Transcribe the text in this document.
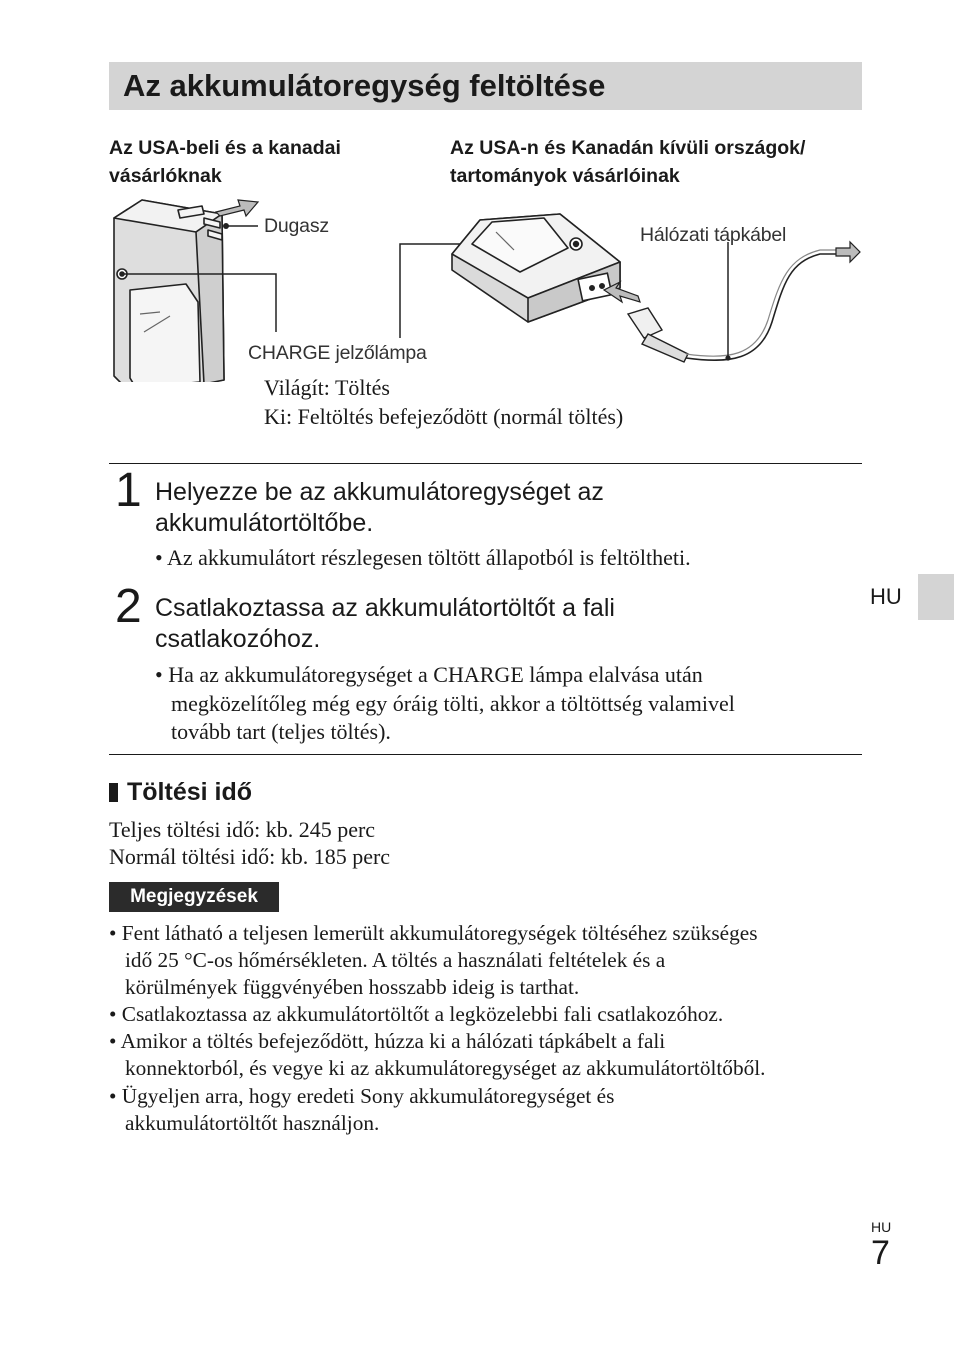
Az akkumulátoregység feltöltése
Az USA-beli és a kanadai
vásárlóknak
Az USA-n és Kanadán kívüli országok/
tartományok vásárlóinak
Dugasz	Hálózati tápkábel
CHARGE jelzőlámpa
Világít: Töltés
Ki: Feltöltés befejeződött (normál töltés)
1 Helyezze be az akkumulátoregységet az
akkumulátortöltőbe.
• Az akkumulátort részlegesen töltött állapotból is feltöltheti.
2 Csatlakoztassa az akkumulátortöltőt a fali
csatlakozóhoz.
• Ha az akkumulátoregységet a CHARGE lámpa elalvása után
megközelítőleg még egy óráig tölti, akkor a töltöttség valamivel
tovább tart (teljes töltés).
HU
Töltési idő
Teljes töltési idő: kb. 245 perc
Normál töltési idő: kb. 185 perc
Megjegyzések
• Fent látható a teljesen lemerült akkumulátoregységek töltéséhez szükséges
idő 25 °C-os hőmérsékleten. A töltés a használati feltételek és a
körülmények függvényében hosszabb ideig is tarthat.
• Csatlakoztassa az akkumulátortöltőt a legközelebbi fali csatlakozóhoz.
• Amikor a töltés befejeződött, húzza ki a hálózati tápkábelt a fali
konnektorból, és vegye ki az akkumulátoregységet az akkumulátortöltőből.
• Ügyeljen arra, hogy eredeti Sony akkumulátoregységet és
akkumulátortöltőt használjon.
HU
7
